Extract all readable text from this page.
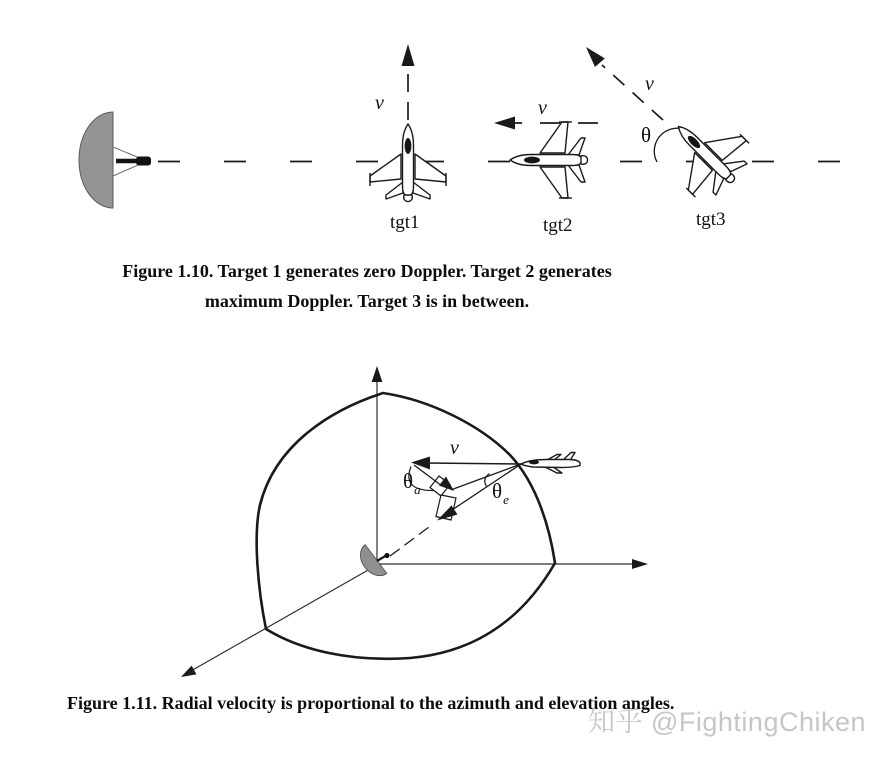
v	v
v
θ
tgt1	tgt2	tgt3
Figure 1.10. Target 1 generates zero Doppler. Target 2 generates
maximum Doppler. Target 3 is in between.
v
$\theta_a$	$\theta_e$
Figure 1.11. Radial velocity is proportional to the azimuth and elevation angles.
知乎 @FightingChiken
